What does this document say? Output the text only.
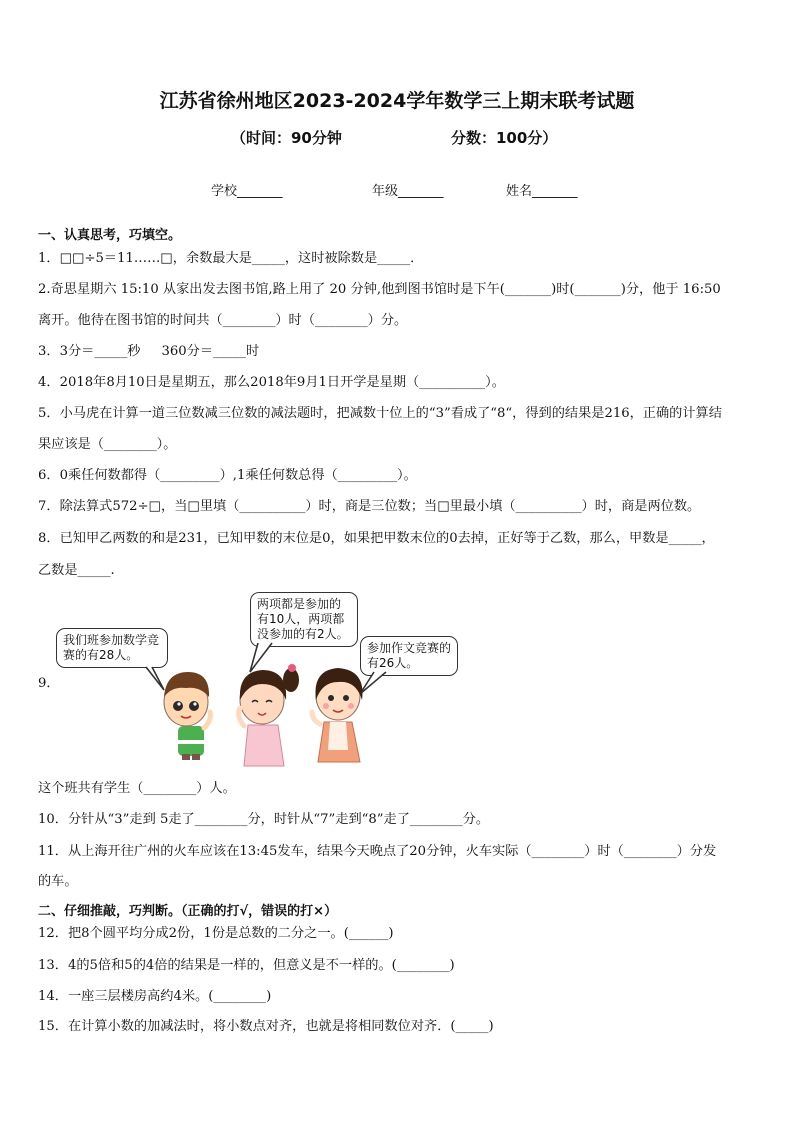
江苏省徐州地区2023-2024学年数学三上期末联考试题
（时间：90分钟	分数：100分）
学校_______	年级_______	姓名_______
一、认真思考，巧填空。
1．□□÷5＝11……□，余数最大是_____，这时被除数是_____．
2.奇思星期六 15:10 从家出发去图书馆,路上用了 20 分钟,他到图书馆时是下午(_______)时(_______)分，他于 16:50
离开。他待在图书馆的时间共（________）时（________）分。
3．3分＝_____秒     360分＝_____时
4．2018年8月10日是星期五，那么2018年9月1日开学是星期（__________）。
5．小马虎在计算一道三位数减三位数的减法题时，把减数十位上的“3”看成了“8“，得到的结果是216，正确的计算结
果应该是（________）。
6．0乘任何数都得（_________）,1乘任何数总得（_________）。
7．除法算式572÷□，当□里填（__________）时，商是三位数；当□里最小填（__________）时，商是两位数。
8．已知甲乙两数的和是231，已知甲数的末位是0，如果把甲数末位的0去掉，正好等于乙数，那么，甲数是_____，
乙数是_____.
9．
我们班参加数学竞赛的有28人。
两项都是参加的有10人，两项都没参加的有2人。
参加作文竞赛的有26人。
这个班共有学生（________）人。
10．分针从“3”走到 5走了________分，时针从“7”走到“8”走了________分。
11．从上海开往广州的火车应该在13:45发车，结果今天晚点了20分钟，火车实际（________）时（________）分发
的车。
二、仔细推敲，巧判断。（正确的打√，错误的打×）
12．把8个圆平均分成2份，1份是总数的二分之一。(______)
13．4的5倍和5的4倍的结果是一样的，但意义是不一样的。(________)
14．一座三层楼房高约4米。(________)
15．在计算小数的加减法时，将小数点对齐，也就是将相同数位对齐．(_____)
